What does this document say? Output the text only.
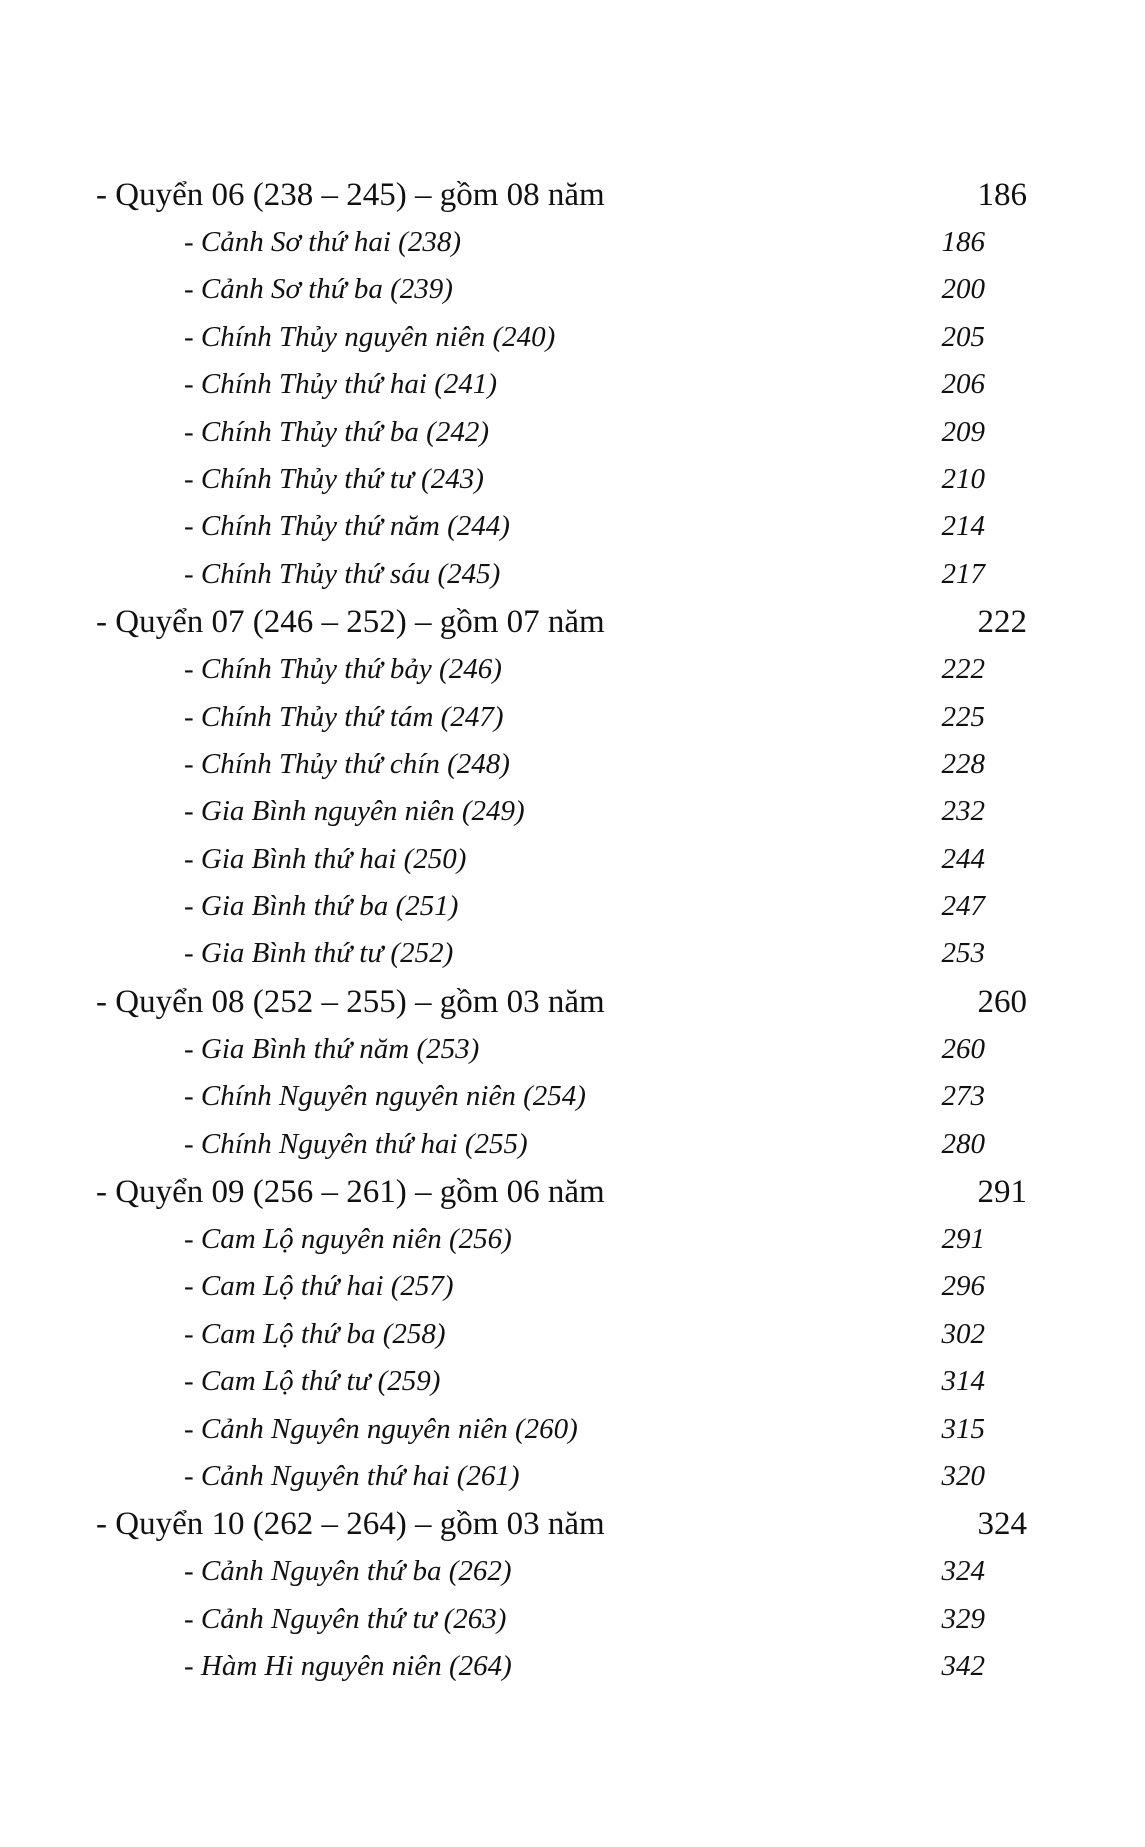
- Quyển 06 (238 – 245) – gồm 08 năm	186
- Cảnh Sơ thứ hai (238)	186
- Cảnh Sơ thứ ba (239)	200
- Chính Thủy nguyên niên (240)	205
- Chính Thủy thứ hai (241)	206
- Chính Thủy thứ ba (242)	209
- Chính Thủy thứ tư (243)	210
- Chính Thủy thứ năm (244)	214
- Chính Thủy thứ sáu (245)	217
- Quyển 07 (246 – 252) – gồm 07 năm	222
- Chính Thủy thứ bảy (246)	222
- Chính Thủy thứ tám (247)	225
- Chính Thủy thứ chín (248)	228
- Gia Bình nguyên niên (249)	232
- Gia Bình thứ hai (250)	244
- Gia Bình thứ ba (251)	247
- Gia Bình thứ tư (252)	253
- Quyển 08 (252 – 255) – gồm 03 năm	260
- Gia Bình thứ năm (253)	260
- Chính Nguyên nguyên niên (254)	273
- Chính Nguyên thứ hai (255)	280
- Quyển 09 (256 – 261) – gồm 06 năm	291
- Cam Lộ nguyên niên (256)	291
- Cam Lộ thứ hai (257)	296
- Cam Lộ thứ ba (258)	302
- Cam Lộ thứ tư (259)	314
- Cảnh Nguyên nguyên niên (260)	315
- Cảnh Nguyên thứ hai (261)	320
- Quyển 10 (262 – 264) – gồm 03 năm	324
- Cảnh Nguyên thứ ba (262)	324
- Cảnh Nguyên thứ tư (263)	329
- Hàm Hi nguyên niên (264)	342
